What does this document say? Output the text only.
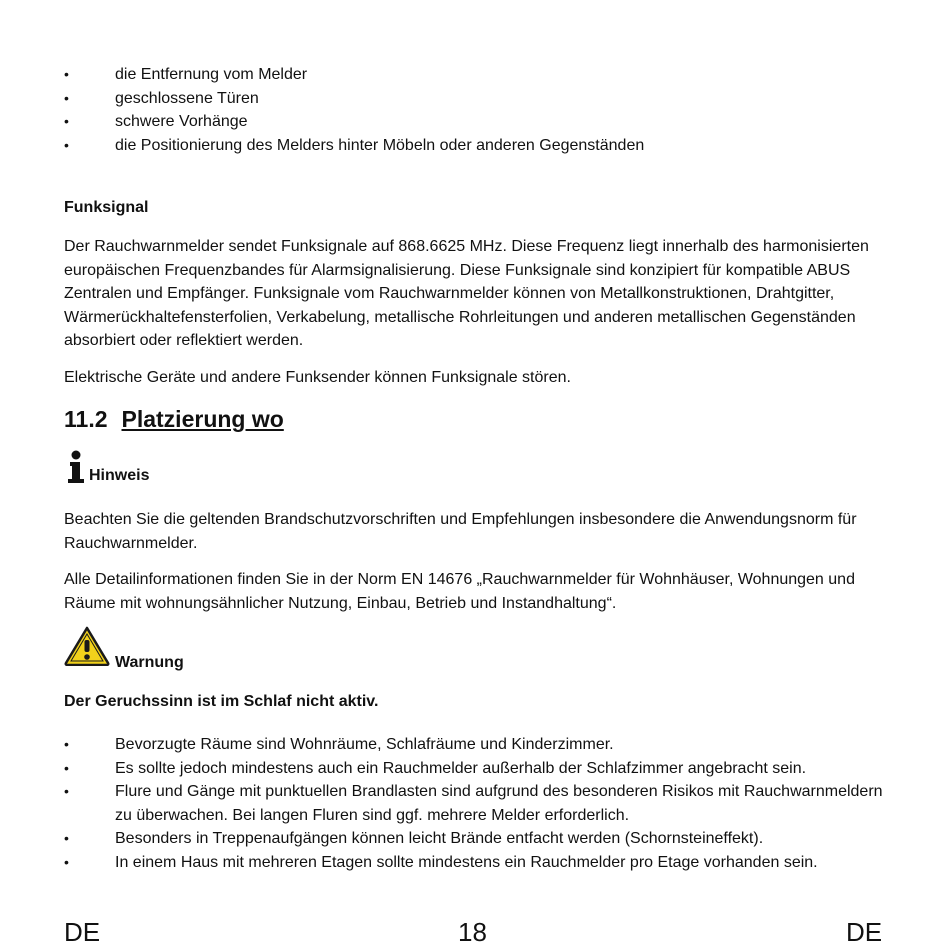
• die Entfernung vom Melder
• geschlossene Türen
• schwere Vorhänge
• die Positionierung des Melders hinter Möbeln oder anderen Gegenständen
Funksignal

Der Rauchwarnmelder sendet Funksignale auf 868.6625 MHz. Diese Frequenz liegt innerhalb des harmonisierten europäischen Frequenzbandes für Alarmsignalisierung. Diese Funksignale sind konzipiert für kompatible ABUS Zentralen und Empfänger. Funksignale vom Rauchwarnmelder können von Metallkonstruktionen, Drahtgitter, Wärmerückhaltefensterfolien, Verkabelung, metallische Rohrleitungen und anderen metallischen Gegenständen absorbiert oder reflektiert werden.

Elektrische Geräte und andere Funksender können Funksignale stören.

11.2 Platzierung wo
Hinweis

Beachten Sie die geltenden Brandschutzvorschriften und Empfehlungen insbesondere die Anwendungsnorm für Rauchwarnmelder.

Alle Detailinformationen finden Sie in der Norm EN 14676 „Rauchwarnmelder für Wohnhäuser, Wohnungen und Räume mit wohnungsähnlicher Nutzung, Einbau, Betrieb und Instandhaltung“.

Warnung
Der Geruchssinn ist im Schlaf nicht aktiv.
• Bevorzugte Räume sind Wohnräume, Schlafräume und Kinderzimmer.
• Es sollte jedoch mindestens auch ein Rauchmelder außerhalb der Schlafzimmer angebracht sein.
• Flure und Gänge mit punktuellen Brandlasten sind aufgrund des besonderen Risikos mit Rauchwarnmeldern zu überwachen. Bei langen Fluren sind ggf. mehrere Melder erforderlich.
• Besonders in Treppenaufgängen können leicht Brände entfacht werden (Schornsteineffekt).
• In einem Haus mit mehreren Etagen sollte mindestens ein Rauchmelder pro Etage vorhanden sein.
DE	18	DE
